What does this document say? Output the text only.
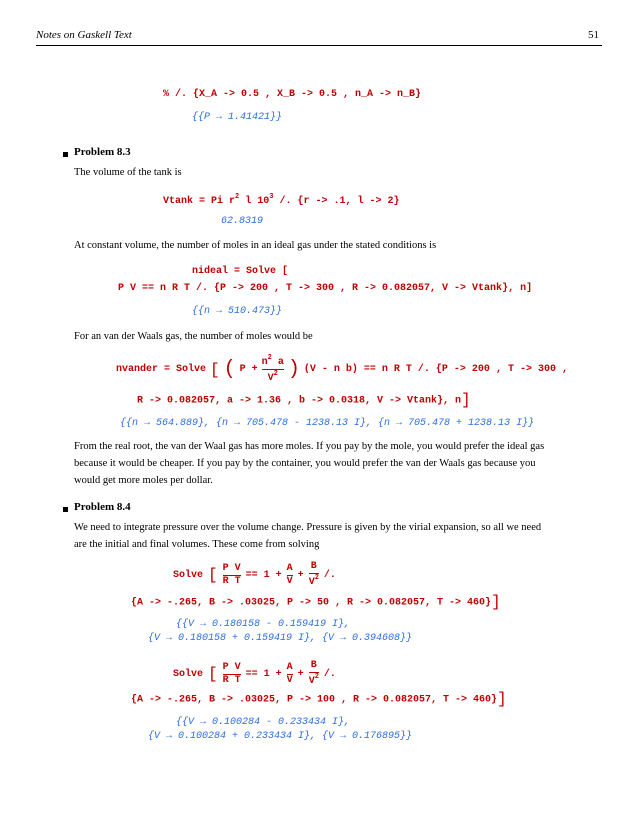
Notes on Gaskell Text	51
% /. {X_A -> 0.5 , X_B -> 0.5 , n_A -> n_B}
{{P → 1.41421}}
Problem 8.3
The volume of the tank is
Vtank = Pi $r^2$ l $10^3$ /. {r -> .1, l -> 2}
62.8319
At constant volume, the number of moles in an ideal gas under the stated conditions is
nideal = Solve [
P V == n R T /. {P -> 200 , T -> 300 , R -> 0.082057, V -> Vtank}, n]
{{n → 510.473}}
For an van der Waals gas, the number of moles would be
nvander = Solve [ ( $P + \frac{n^2 a}{V^2}$ ) (V - n b) == n R T /. {P -> 200 , T -> 300 ,
R -> 0.082057, a -> 1.36 , b -> 0.0318, V -> Vtank}, n]
{{n → 564.889}, {n → 705.478 - 1238.13 I}, {n → 705.478 + 1238.13 I}}
From the real root, the van der Waal gas has more moles. If you pay by the mole, you would prefer the ideal gas
because it would be cheaper. If you pay by the container, you would prefer the van der Waals gas because you
would get more moles per dollar.
Problem 8.4
We need to integrate pressure over the volume change. Pressure is given by the virial expansion, so all we need
are the initial and final volumes. These come from solving
Solve [ $\frac{\text{P V}}{\text{R T}} == 1 + \frac{A}{V} + \frac{B}{V^2}$ /.
{A -> -.265, B -> .03025, P -> 50 , R -> 0.082057, T -> 460}]
{{V → 0.180158 - 0.159419 I},
{V → 0.180158 + 0.159419 I}, {V → 0.394608}}
Solve [ $\frac{\text{P V}}{\text{R T}} == 1 + \frac{A}{V} + \frac{B}{V^2}$ /.
{A -> -.265, B -> .03025, P -> 100 , R -> 0.082057, T -> 460}]
{{V → 0.100284 - 0.233434 I},
{V → 0.100284 + 0.233434 I}, {V → 0.176895}}
